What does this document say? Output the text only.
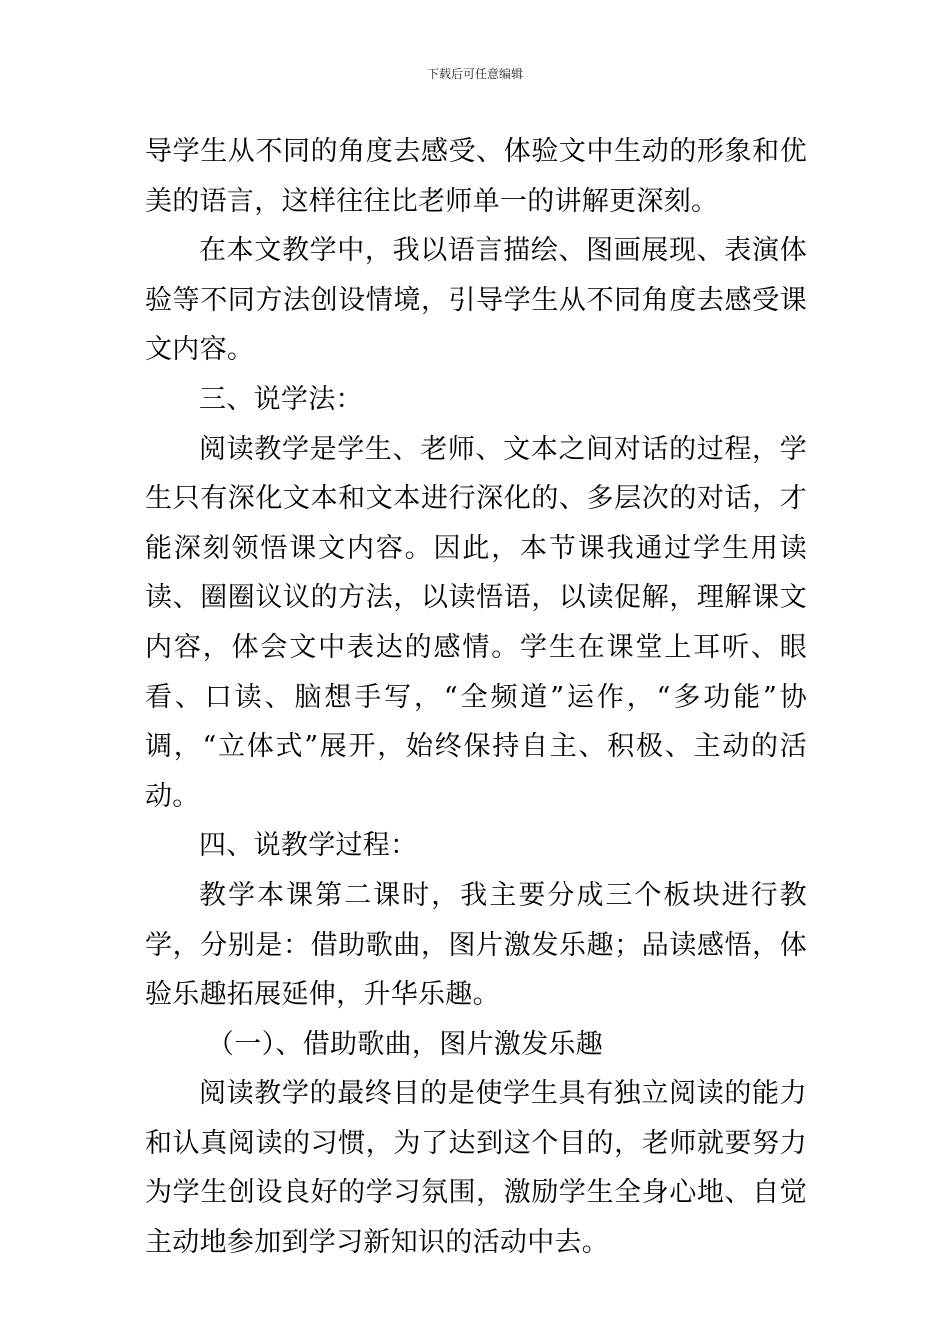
下载后可任意编辑

导学生从不同的角度去感受、体验文中生动的形象和优美的语言，这样往往比老师单一的讲解更深刻。

在本文教学中，我以语言描绘、图画展现、表演体验等不同方法创设情境，引导学生从不同角度去感受课文内容。

三、说学法：

阅读教学是学生、老师、文本之间对话的过程，学生只有深化文本和文本进行深化的、多层次的对话，才能深刻领悟课文内容。因此，本节课我通过学生用读读、圈圈议议的方法，以读悟语，以读促解，理解课文内容，体会文中表达的感情。学生在课堂上耳听、眼看、口读、脑想手写，“全频道”运作，“多功能”协调，“立体式”展开，始终保持自主、积极、主动的活动。

四、说教学过程：

教学本课第二课时，我主要分成三个板块进行教学，分别是：借助歌曲，图片激发乐趣；品读感悟，体验乐趣拓展延伸，升华乐趣。

（一）、借助歌曲，图片激发乐趣

阅读教学的最终目的是使学生具有独立阅读的能力和认真阅读的习惯，为了达到这个目的，老师就要努力为学生创设良好的学习氛围，激励学生全身心地、自觉主动地参加到学习新知识的活动中去。
